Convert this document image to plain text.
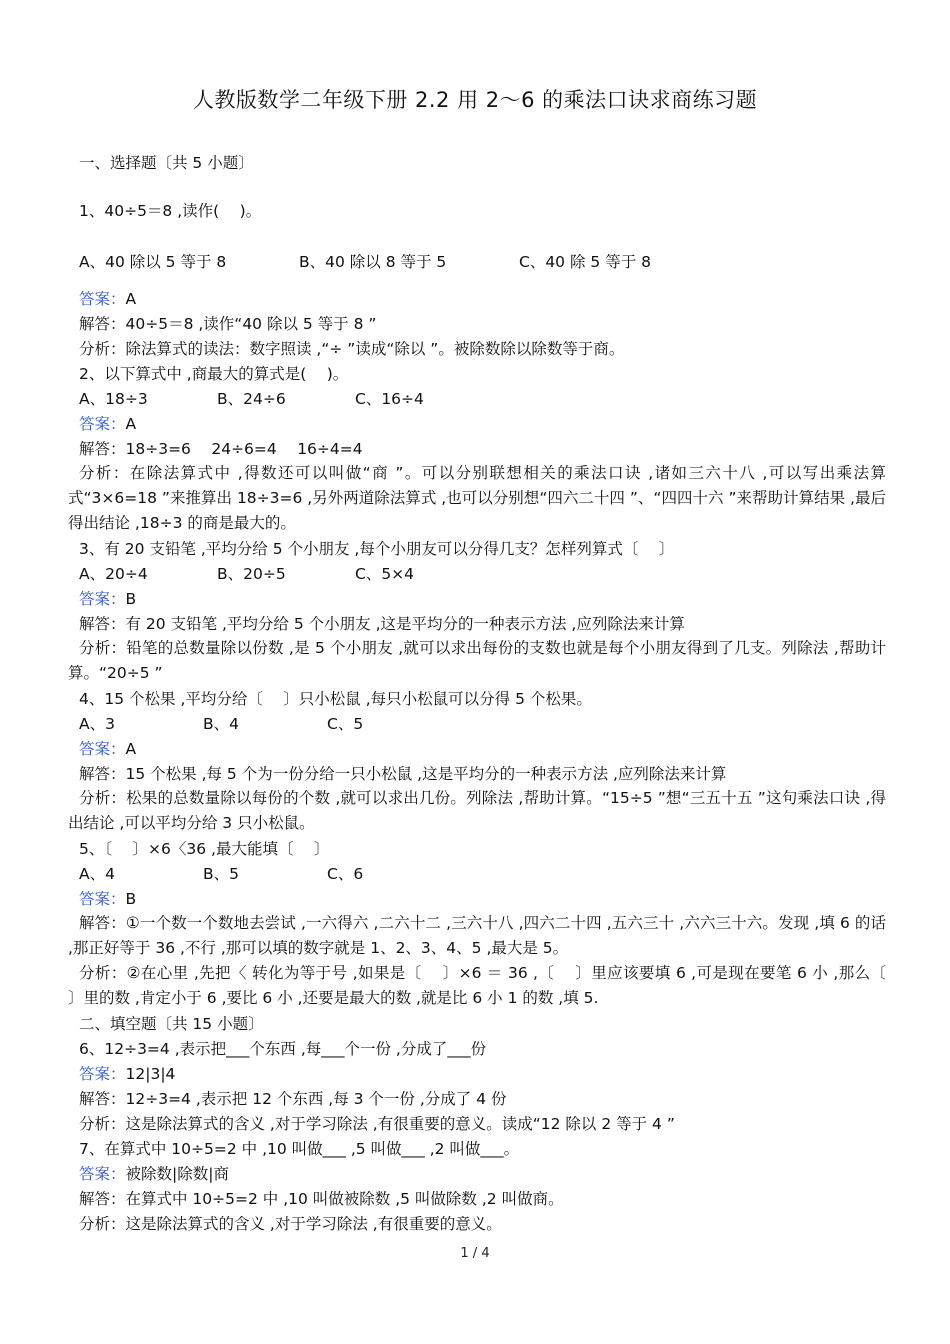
人教版数学二年级下册 2.2 用 2～6 的乘法口诀求商练习题
一、选择题〔共 5 小题〕
1、40÷5＝8 ,读作(　 )。
A、40 除以 5 等于 8	B、40 除以 8 等于 5	C、40 除 5 等于 8
答案：A
解答：40÷5＝8 ,读作“40 除以 5 等于 8 ”
分析：除法算式的读法：数字照读 ,“÷ ”读成“除以 ”。被除数除以除数等于商。
2、以下算式中 ,商最大的算式是(　 )。
A、18÷3	B、24÷6	C、16÷4
答案：A
解答：18÷3=6　 24÷6=4　 16÷4=4
分析：在除法算式中 ,得数还可以叫做“商 ”。可以分别联想相关的乘法口诀 ,诸如三六十八 ,可以写出乘法算式“3×6=18 ”来推算出 18÷3=6 ,另外两道除法算式 ,也可以分别想“四六二十四 ”、“四四十六 ”来帮助计算结果 ,最后得出结论 ,18÷3 的商是最大的。
3、有 20 支铅笔 ,平均分给 5 个小朋友 ,每个小朋友可以分得几支？怎样列算式〔　 〕
A、20÷4	B、20÷5	C、5×4
答案：B
解答：有 20 支铅笔 ,平均分给 5 个小朋友 ,这是平均分的一种表示方法 ,应列除法来计算
分析：铅笔的总数量除以份数 ,是 5 个小朋友 ,就可以求出每份的支数也就是每个小朋友得到了几支。列除法 ,帮助计算。“20÷5 ”
4、15 个松果 ,平均分给〔　 〕只小松鼠 ,每只小松鼠可以分得 5 个松果。
A、3	B、4	C、5
答案：A
解答：15 个松果 ,每 5 个为一份分给一只小松鼠 ,这是平均分的一种表示方法 ,应列除法来计算
分析：松果的总数量除以每份的个数 ,就可以求出几份。列除法 ,帮助计算。“15÷5 ”想“三五十五 ”这句乘法口诀 ,得出结论 ,可以平均分给 3 只小松鼠。
5、〔　 〕×6〈36 ,最大能填〔　 〕
A、4	B、5	C、6
答案：B
解答：①一个数一个数地去尝试 ,一六得六 ,二六十二 ,三六十八 ,四六二十四 ,五六三十 ,六六三十六。发现 ,填 6 的话 ,那正好等于 36 ,不行 ,那可以填的数字就是 1、2、3、4、5 ,最大是 5。
分析：②在心里 ,先把〈 转化为等于号 ,如果是〔　 〕×6 ＝ 36 ,〔　 〕里应该要填 6 ,可是现在要笔 6 小 ,那么〔　 〕里的数 ,肯定小于 6 ,要比 6 小 ,还要是最大的数 ,就是比 6 小 1 的数 ,填 5.
二、填空题〔共 15 小题〕
6、12÷3=4 ,表示把___个东西 ,每___个一份 ,分成了___份
答案：12|3|4
解答：12÷3=4 ,表示把 12 个东西 ,每 3 个一份 ,分成了 4 份
分析：这是除法算式的含义 ,对于学习除法 ,有很重要的意义。读成“12 除以 2 等于 4 ”
7、在算式中 10÷5=2 中 ,10 叫做___ ,5 叫做___ ,2 叫做___。
答案：被除数|除数|商
解答：在算式中 10÷5=2 中 ,10 叫做被除数 ,5 叫做除数 ,2 叫做商。
分析：这是除法算式的含义 ,对于学习除法 ,有很重要的意义。
1 / 4
